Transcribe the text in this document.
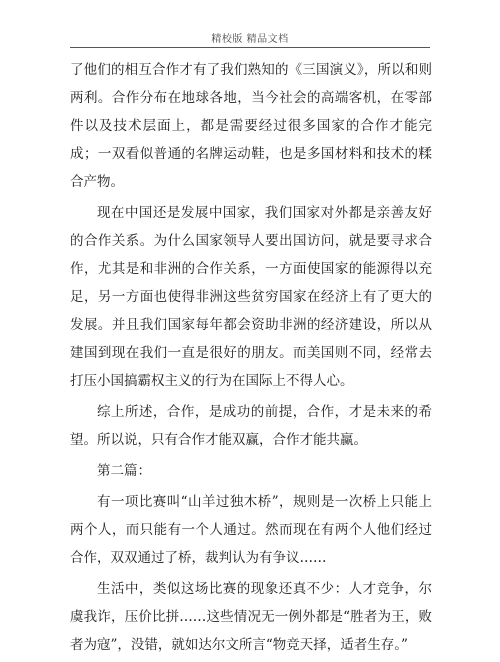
精校版 精品文档

了他们的相互合作才有了我们熟知的《三国演义》，所以和则两利。合作分布在地球各地，当今社会的高端客机，在零部件以及技术层面上，都是需要经过很多国家的合作才能完成；一双看似普通的名牌运动鞋，也是多国材料和技术的糅合产物。

现在中国还是发展中国家，我们国家对外都是亲善友好的合作关系。为什么国家领导人要出国访问，就是要寻求合作，尤其是和非洲的合作关系，一方面使国家的能源得以充足，另一方面也使得非洲这些贫穷国家在经济上有了更大的发展。并且我们国家每年都会资助非洲的经济建设，所以从建国到现在我们一直是很好的朋友。而美国则不同，经常去打压小国搞霸权主义的行为在国际上不得人心。

综上所述，合作，是成功的前提，合作，才是未来的希望。所以说，只有合作才能双赢，合作才能共赢。

第二篇：

有一项比赛叫“山羊过独木桥”，规则是一次桥上只能上两个人，而只能有一个人通过。然而现在有两个人他们经过合作，双双通过了桥，裁判认为有争议……

生活中，类似这场比赛的现象还真不少：人才竞争，尔虞我诈，压价比拼……这些情况无一例外都是“胜者为王，败者为寇”，没错，就如达尔文所言“物竞天择，适者生存。”
